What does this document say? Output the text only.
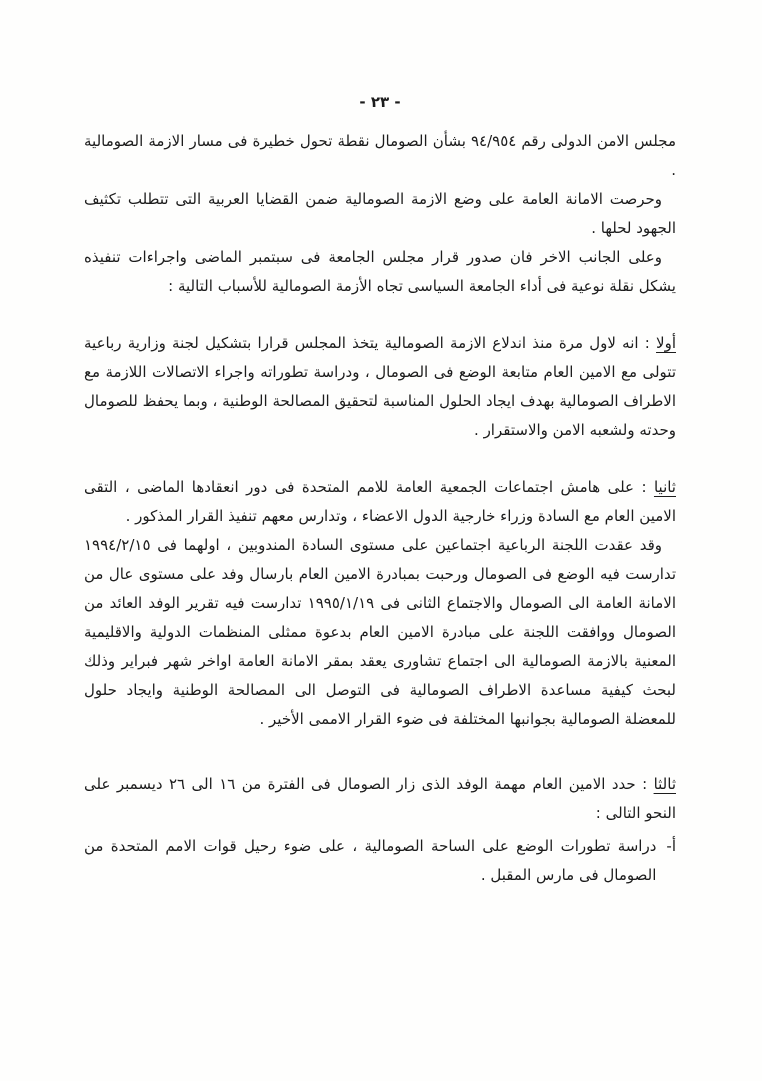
- ٢٣ -

مجلس الامن الدولى رقم ٩٤/٩٥٤ بشأن الصومال نقطة تحول خطيرة فى مسار الازمة الصومالية .

وحرصت الامانة العامة على وضع الازمة الصومالية ضمن القضايا العربية التى تتطلب تكثيف الجهود لحلها .

وعلى الجانب الاخر فان صدور قرار مجلس الجامعة فى سبتمبر الماضى واجراءات تنفيذه يشكل نقلة نوعية فى أداء الجامعة السياسى تجاه الأزمة الصومالية للأسباب التالية :

أولا : انه لاول مرة منذ اندلاع الازمة الصومالية يتخذ المجلس قرارا بتشكيل لجنة وزارية رباعية تتولى مع الامين العام متابعة الوضع فى الصومال ، ودراسة تطوراته واجراء الاتصالات اللازمة مع الاطراف الصومالية بهدف ايجاد الحلول المناسبة لتحقيق المصالحة الوطنية ، وبما يحفظ للصومال وحدته ولشعبه الامن والاستقرار .

ثانيا : على هامش اجتماعات الجمعية العامة للامم المتحدة فى دور انعقادها الماضى ، التقى الامين العام مع السادة وزراء خارجية الدول الاعضاء ، وتدارس معهم تنفيذ القرار المذكور .

وقد عقدت اللجنة الرباعية اجتماعين على مستوى السادة المندوبين ، اولهما فى ١٩٩٤/٢/١٥ تدارست فيه الوضع فى الصومال ورحبت بمبادرة الامين العام بارسال وفد على مستوى عال من الامانة العامة الى الصومال والاجتماع الثانى فى ١٩٩٥/١/١٩ تدارست فيه تقرير الوفد العائد من الصومال ووافقت اللجنة على مبادرة الامين العام بدعوة ممثلى المنظمات الدولية والاقليمية المعنية بالازمة الصومالية الى اجتماع تشاورى يعقد بمقر الامانة العامة اواخر شهر فبراير وذلك لبحث كيفية مساعدة الاطراف الصومالية فى التوصل الى المصالحة الوطنية وايجاد حلول للمعضلة الصومالية بجوانبها المختلفة فى ضوء القرار الاممى الأخير .

ثالثا : حدد الامين العام مهمة الوفد الذى زار الصومال فى الفترة من ١٦ الى ٢٦ ديسمبر على النحو التالى :

أ-
دراسة تطورات الوضع على الساحة الصومالية ، على ضوء رحيل قوات الامم المتحدة من الصومال فى مارس المقبل .
